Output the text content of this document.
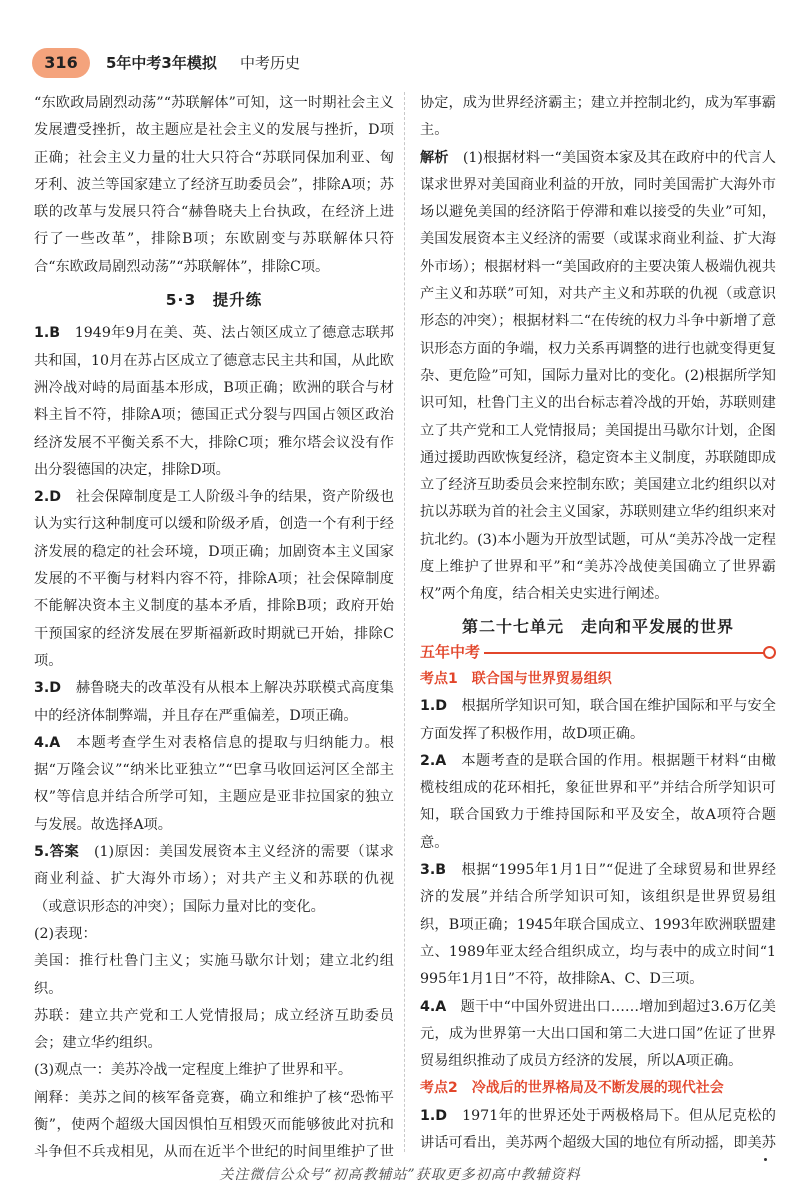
316	5年中考3年模拟 中考历史

“东欧政局剧烈动荡”“苏联解体”可知，这一时期社会主义发展遭受挫折，故主题应是社会主义的发展与挫折，D项正确；社会主义力量的壮大只符合“苏联同保加利亚、匈牙利、波兰等国家建立了经济互助委员会”，排除A项；苏联的改革与发展只符合“赫鲁晓夫上台执政，在经济上进行了一些改革”，排除B项；东欧剧变与苏联解体只符合“东欧政局剧烈动荡”“苏联解体”，排除C项。

5·3　提升练

1.B　 1949年9月在美、英、法占领区成立了德意志联邦共和国，10月在苏占区成立了德意志民主共和国，从此欧洲冷战对峙的局面基本形成，B项正确；欧洲的联合与材料主旨不符，排除A项；德国正式分裂与四国占领区政治经济发展不平衡关系不大，排除C项；雅尔塔会议没有作出分裂德国的决定，排除D项。

2.D　 社会保障制度是工人阶级斗争的结果，资产阶级也认为实行这种制度可以缓和阶级矛盾，创造一个有利于经济发展的稳定的社会环境，D项正确；加剧资本主义国家发展的不平衡与材料内容不符，排除A项；社会保障制度不能解决资本主义制度的基本矛盾，排除B项；政府开始干预国家的经济发展在罗斯福新政时期就已开始，排除C项。

3.D　 赫鲁晓夫的改革没有从根本上解决苏联模式高度集中的经济体制弊端，并且存在严重偏差，D项正确。

4.A　 本题考查学生对表格信息的提取与归纳能力。根据“万隆会议”“纳米比亚独立”“巴拿马收回运河区全部主权”等信息并结合所学可知，主题应是亚非拉国家的独立与发展。故选择A项。

5.答案　 (1)原因：美国发展资本主义经济的需要（谋求商业利益、扩大海外市场）；对共产主义和苏联的仇视（或意识形态的冲突）；国际力量对比的变化。

(2)表现：

美国：推行杜鲁门主义；实施马歇尔计划；建立北约组织。

苏联：建立共产党和工人党情报局；成立经济互助委员会；建立华约组织。

(3)观点一：美苏冷战一定程度上维护了世界和平。

阐释：美苏之间的核军备竞赛，确立和维护了核“恐怖平衡”，使两个超级大国因惧怕互相毁灭而能够彼此对抗和斗争但不兵戎相见，从而在近半个世纪的时间里维护了世

协定，成为世界经济霸主；建立并控制北约，成为军事霸主。

解析　 (1)根据材料一“美国资本家及其在政府中的代言人谋求世界对美国商业利益的开放，同时美国需扩大海外市场以避免美国的经济陷于停滞和难以接受的失业”可知，美国发展资本主义经济的需要（或谋求商业利益、扩大海外市场）；根据材料一“美国政府的主要决策人极端仇视共产主义和苏联”可知，对共产主义和苏联的仇视（或意识形态的冲突）；根据材料二“在传统的权力斗争中新增了意识形态方面的争端，权力关系再调整的进行也就变得更复杂、更危险”可知，国际力量对比的变化。(2)根据所学知识可知，杜鲁门主义的出台标志着冷战的开始，苏联则建立了共产党和工人党情报局；美国提出马歇尔计划，企图通过援助西欧恢复经济，稳定资本主义制度，苏联随即成立了经济互助委员会来控制东欧；美国建立北约组织以对抗以苏联为首的社会主义国家，苏联则建立华约组织来对抗北约。(3)本小题为开放型试题，可从“美苏冷战一定程度上维护了世界和平”和“美苏冷战使美国确立了世界霸权”两个角度，结合相关史实进行阐述。

第二十七单元　走向和平发展的世界
五年中考

考点1　联合国与世界贸易组织

1.D　 根据所学知识可知，联合国在维护国际和平与安全方面发挥了积极作用，故D项正确。

2.A　 本题考查的是联合国的作用。根据题干材料“由橄榄枝组成的花环相托，象征世界和平”并结合所学知识可知，联合国致力于维持国际和平及安全，故A项符合题意。

3.B　 根据“1995年1月1日”“促进了全球贸易和世界经济的发展”并结合所学知识可知，该组织是世界贸易组织，B项正确；1945年联合国成立、1993年欧洲联盟建立、1989年亚太经合组织成立，均与表中的成立时间“1995年1月1日”不符，故排除A、C、D三项。

4.A　 题干中“中国外贸进出口……增加到超过3.6万亿美元，成为世界第一大出口国和第二大进口国”佐证了世界贸易组织推动了成员方经济的发展，所以A项正确。

考点2　冷战后的世界格局及不断发展的现代社会

1.D　 1971年的世界还处于两极格局下。但从尼克松的讲话可看出，美苏两个超级大国的地位有所动摇，即美苏

关注微信公众号“初高教辅站”获取更多初高中教辅资料
